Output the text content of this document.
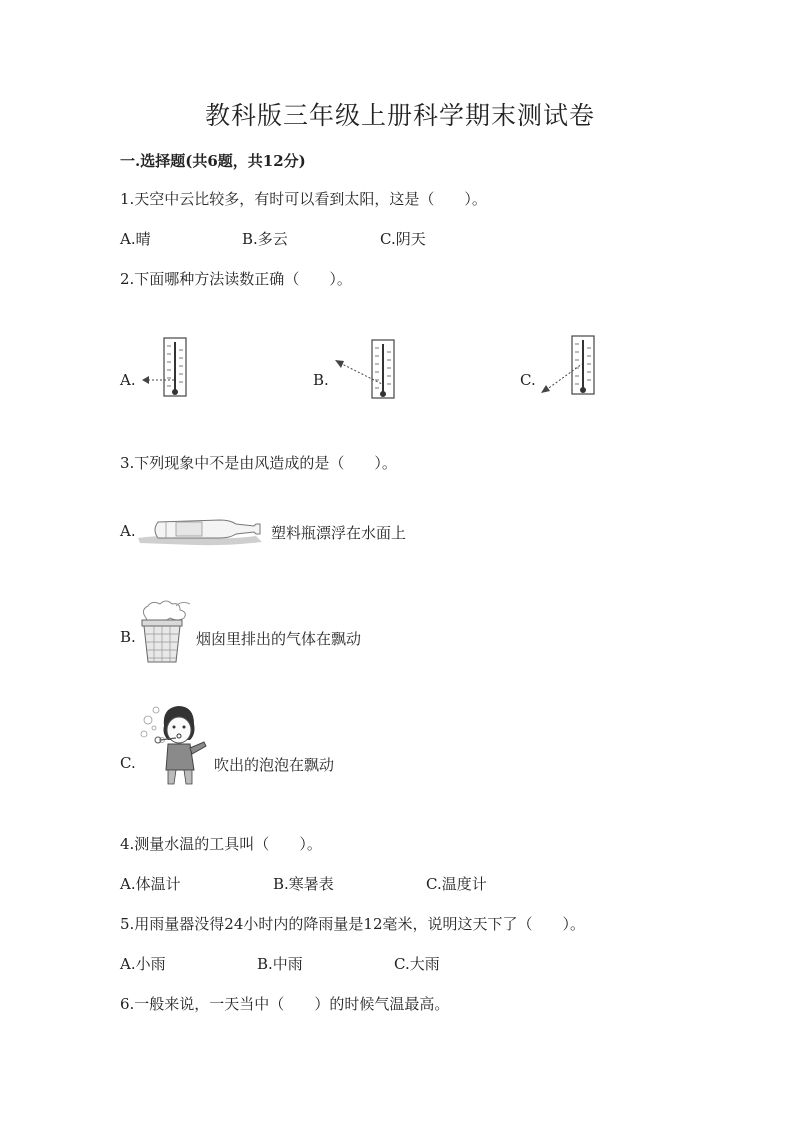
教科版三年级上册科学期末测试卷
一.选择题(共6题，共12分)
1.天空中云比较多，有时可以看到太阳，这是（　　）。
A.晴	B.多云	C.阴天
2.下面哪种方法读数正确（　　）。
A.	B.	C.
3.下列现象中不是由风造成的是（　　）。
A.	塑料瓶漂浮在水面上
B.	烟囱里排出的气体在飘动
C.	吹出的泡泡在飘动
4.测量水温的工具叫（　　）。
A.体温计	B.寒暑表	C.温度计
5.用雨量器没得24小时内的降雨量是12毫米，说明这天下了（　　）。
A.小雨	B.中雨	C.大雨
6.一般来说，一天当中（　　）的时候气温最高。
